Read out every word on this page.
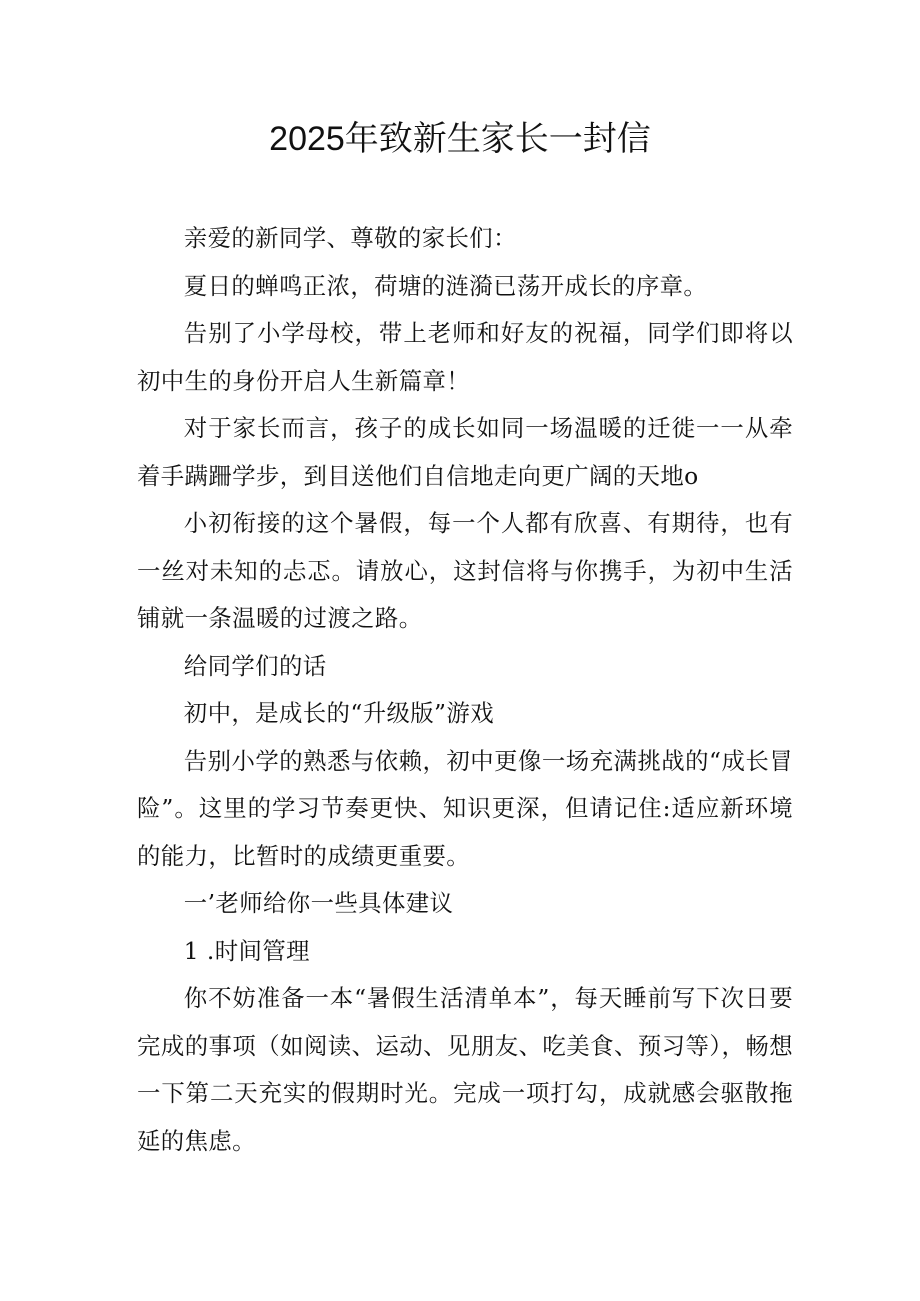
2025年致新生家长一封信

亲爱的新同学、尊敬的家长们：

夏日的蝉鸣正浓，荷塘的涟漪已荡开成长的序章。

告别了小学母校，带上老师和好友的祝福，同学们即将以初中生的身份开启人生新篇章！

对于家长而言，孩子的成长如同一场温暖的迁徙一一从牵着手蹒跚学步，到目送他们自信地走向更广阔的天地o

小初衔接的这个暑假，每一个人都有欣喜、有期待，也有一丝对未知的忐忑。请放心，这封信将与你携手，为初中生活铺就一条温暖的过渡之路。

给同学们的话

初中，是成长的“升级版”游戏

告别小学的熟悉与依赖，初中更像一场充满挑战的“成长冒险”。这里的学习节奏更快、知识更深，但请记住:适应新环境的能力，比暂时的成绩更重要。

一’老师给你一些具体建议

1 .时间管理

你不妨准备一本“暑假生活清单本”，每天睡前写下次日要完成的事项（如阅读、运动、见朋友、吃美食、预习等），畅想一下第二天充实的假期时光。完成一项打勾，成就感会驱散拖延的焦虑。
